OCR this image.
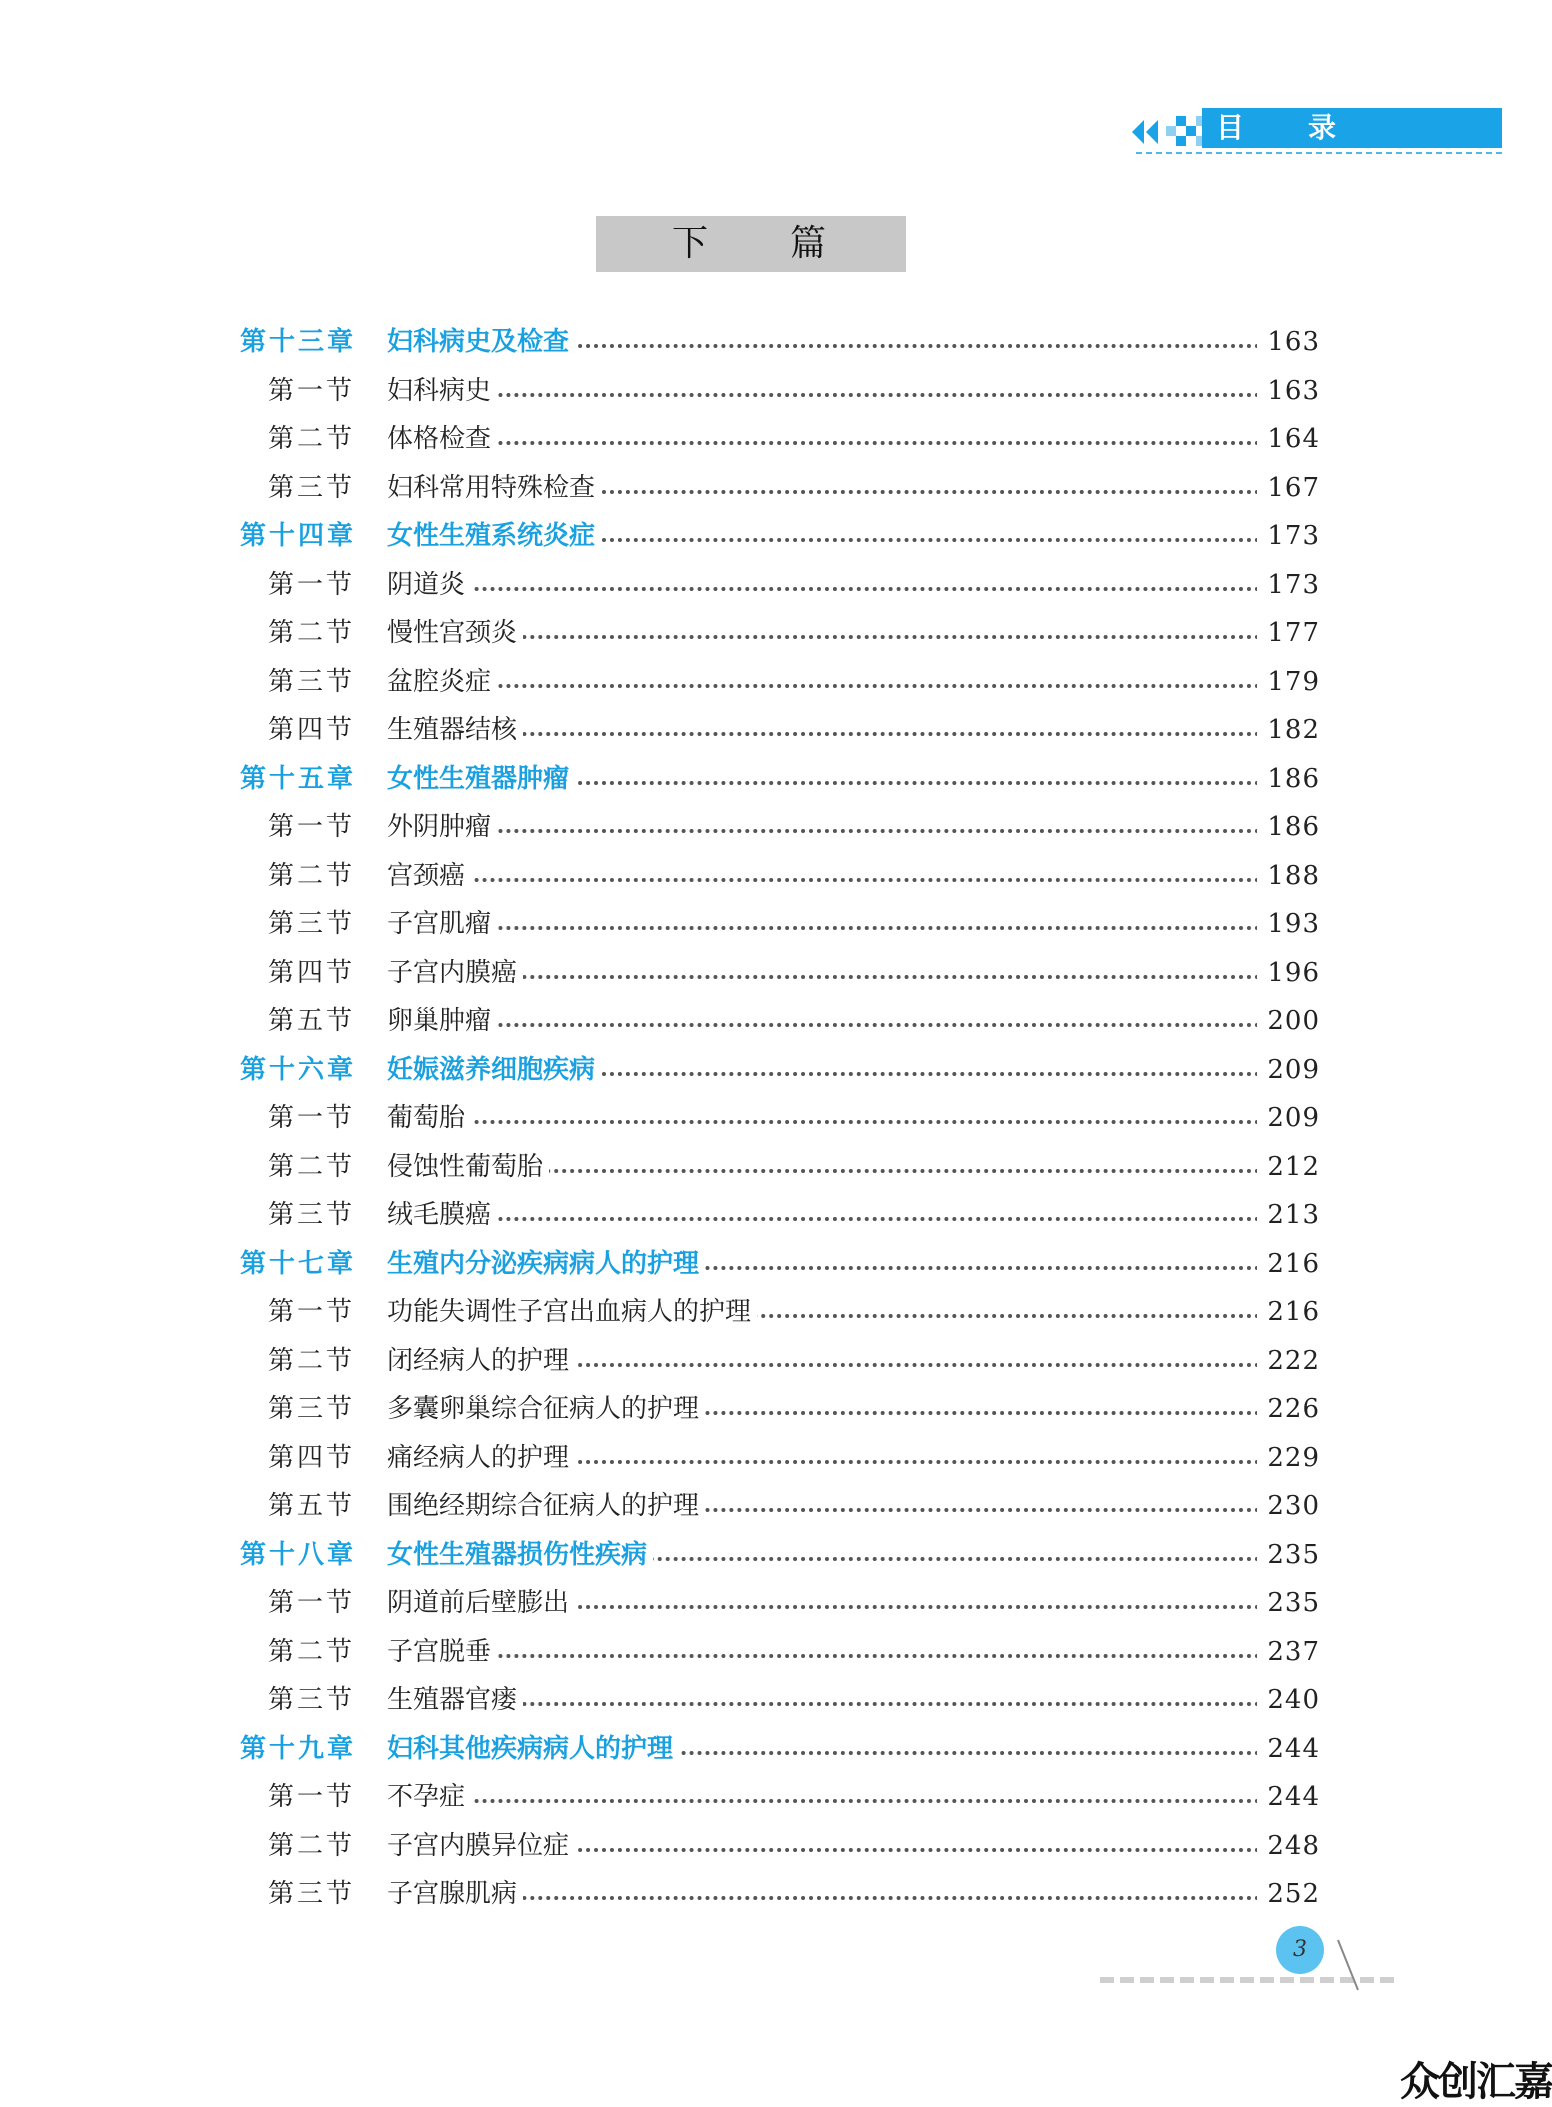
目 录
下 篇
第十三章 妇科病史及检查	163
第一节 妇科病史	163
第二节 体格检查	164
第三节 妇科常用特殊检查	167
第十四章 女性生殖系统炎症	173
第一节 阴道炎	173
第二节 慢性宫颈炎	177
第三节 盆腔炎症	179
第四节 生殖器结核	182
第十五章 女性生殖器肿瘤	186
第一节 外阴肿瘤	186
第二节 宫颈癌	188
第三节 子宫肌瘤	193
第四节 子宫内膜癌	196
第五节 卵巢肿瘤	200
第十六章 妊娠滋养细胞疾病	209
第一节 葡萄胎	209
第二节 侵蚀性葡萄胎	212
第三节 绒毛膜癌	213
第十七章 生殖内分泌疾病病人的护理	216
第一节 功能失调性子宫出血病人的护理	216
第二节 闭经病人的护理	222
第三节 多囊卵巢综合征病人的护理	226
第四节 痛经病人的护理	229
第五节 围绝经期综合征病人的护理	230
第十八章 女性生殖器损伤性疾病	235
第一节 阴道前后壁膨出	235
第二节 子宫脱垂	237
第三节 生殖器官瘘	240
第十九章 妇科其他疾病病人的护理	244
第一节 不孕症	244
第二节 子宫内膜异位症	248
第三节 子宫腺肌病	252
3
众创汇嘉
